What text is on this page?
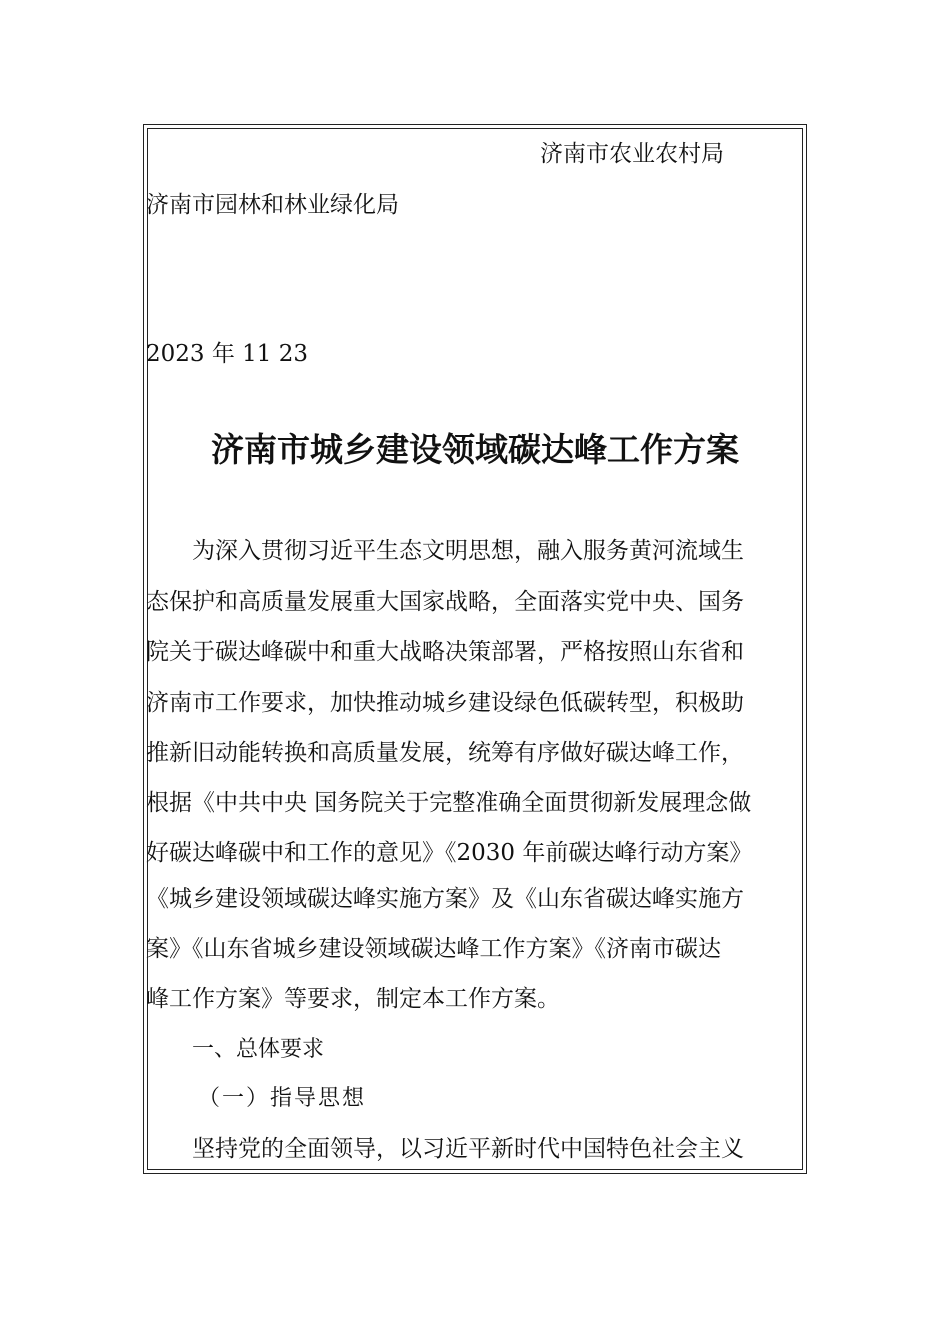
济南市农业农村局
济南市园林和林业绿化局
2023 年 11 23
济南市城乡建设领域碳达峰工作方案
为深入贯彻习近平生态文明思想，融入服务黄河流域生
态保护和高质量发展重大国家战略，全面落实党中央、国务
院关于碳达峰碳中和重大战略决策部署，严格按照山东省和
济南市工作要求，加快推动城乡建设绿色低碳转型，积极助
推新旧动能转换和高质量发展，统筹有序做好碳达峰工作，
根据《中共中央 国务院关于完整准确全面贯彻新发展理念做
好碳达峰碳中和工作的意见》《2030 年前碳达峰行动方案》
《城乡建设领域碳达峰实施方案》及《山东省碳达峰实施方
案》《山东省城乡建设领域碳达峰工作方案》《济南市碳达
峰工作方案》等要求，制定本工作方案。
一、总体要求
（一）指导思想
坚持党的全面领导，以习近平新时代中国特色社会主义
